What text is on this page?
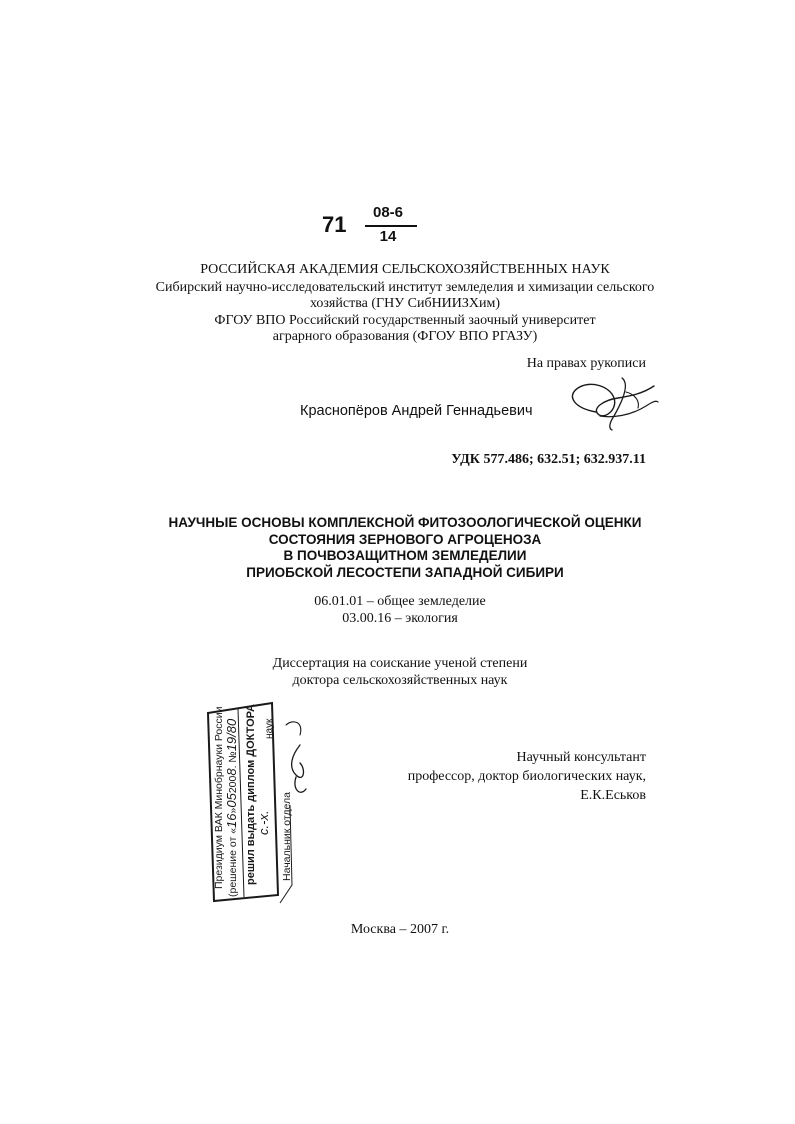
71	08-6
14
РОССИЙСКАЯ АКАДЕМИЯ СЕЛЬСКОХОЗЯЙСТВЕННЫХ НАУК
Сибирский научно-исследовательский институт земледелия и химизации сельского
хозяйства (ГНУ СибНИИЗХим)
ФГОУ ВПО Российский государственный заочный университет
аграрного образования (ФГОУ ВПО РГАЗУ)
На правах рукописи
Краснопёров Андрей Геннадьевич
УДК 577.486; 632.51; 632.937.11
НАУЧНЫЕ ОСНОВЫ КОМПЛЕКСНОЙ ФИТОЗООЛОГИЧЕСКОЙ ОЦЕНКИ
СОСТОЯНИЯ ЗЕРНОВОГО АГРОЦЕНОЗА
В ПОЧВОЗАЩИТНОМ ЗЕМЛЕДЕЛИИ
ПРИОБСКОЙ ЛЕСОСТЕПИ ЗАПАДНОЙ СИБИРИ
06.01.01 – общее земледелие
03.00.16 – экология
Диссертация на соискание ученой степени
доктора сельскохозяйственных наук
Президиум ВАК Минобрнауки России (решение от «16»052008. №19/80 решил выдать диплом ДОКТОРА с.-х.
наук
Начальник отдела
Научный консультант
профессор, доктор биологических наук, Е.К.Еськов
Москва – 2007 г.
